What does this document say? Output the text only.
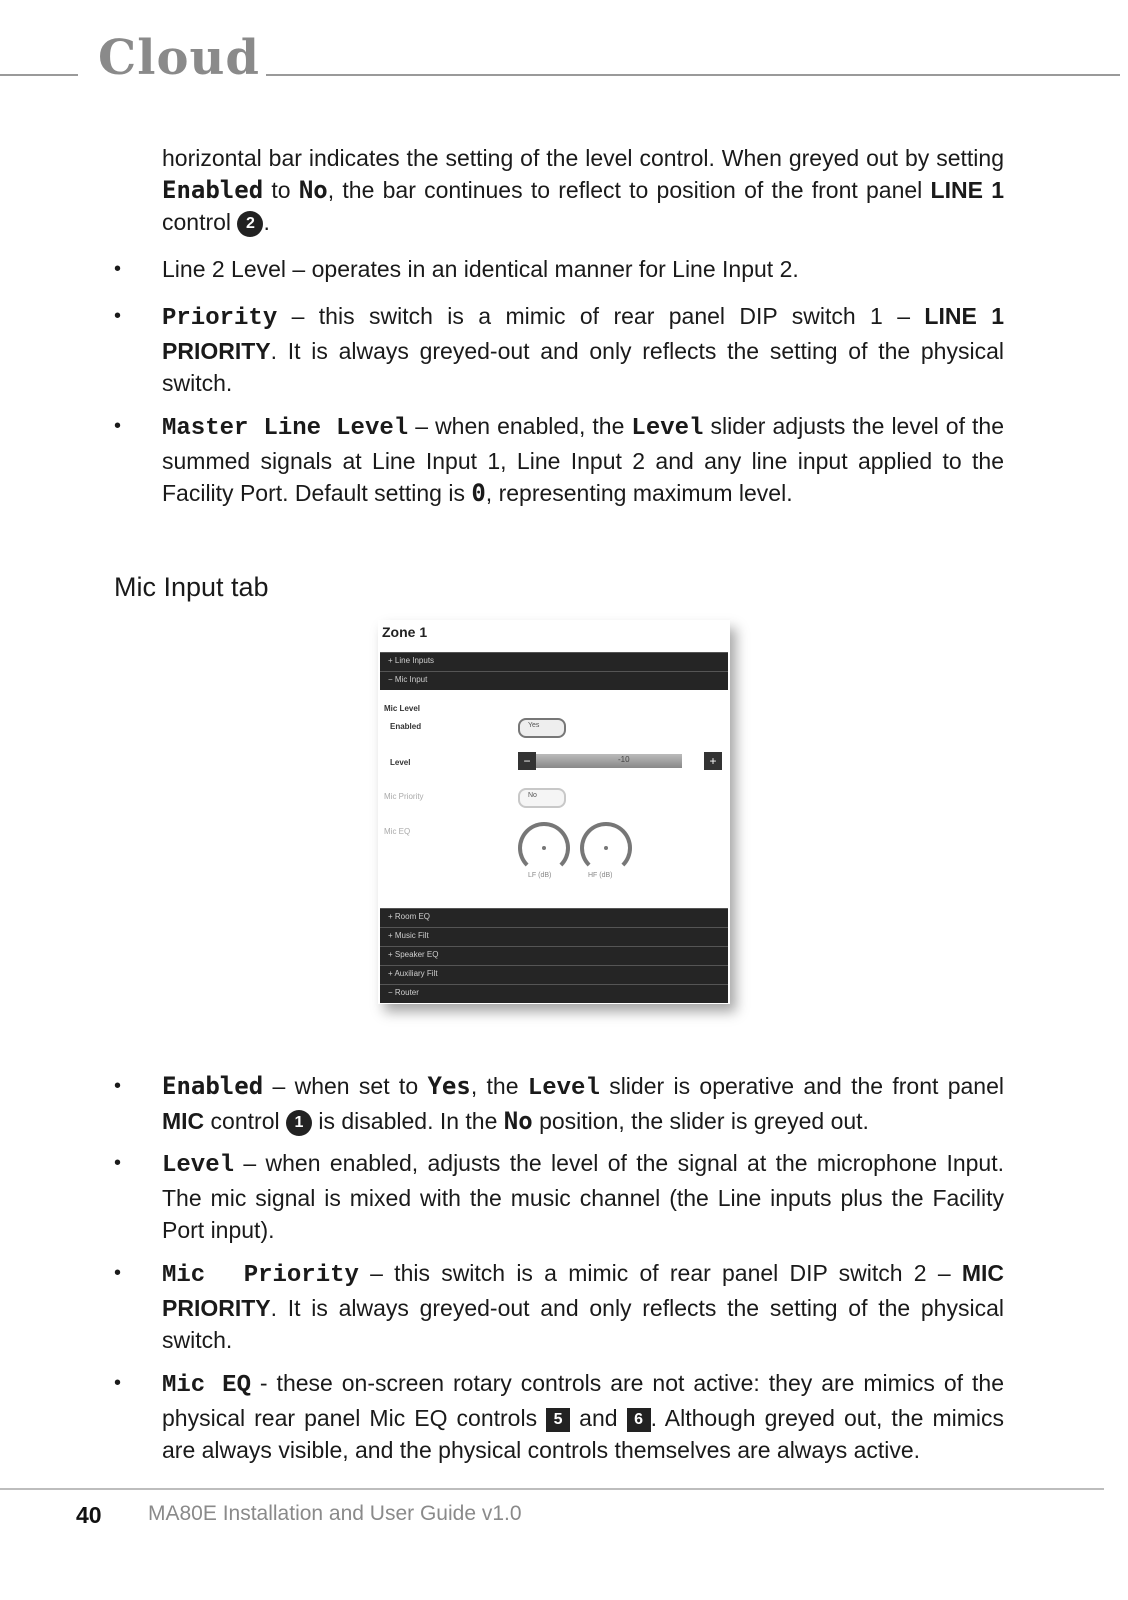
Cloud
horizontal bar indicates the setting of the level control. When greyed out by setting Enabled to No, the bar continues to reflect to position of the front panel LINE 1 control 2 .
• Line 2 Level – operates in an identical manner for Line Input 2.
• Priority – this switch is a mimic of rear panel DIP switch 1 – LINE 1 PRIORITY. It is always greyed-out and only reflects the setting of the physical switch.
• Master Line Level – when enabled, the Level slider adjusts the level of the summed signals at Line Input 1, Line Input 2 and any line input applied to the Facility Port. Default setting is 0, representing maximum level.
Mic Input tab
Zone 1
+ Line Inputs
− Mic Input
Mic Level
Enabled	Yes
Level	−	-10	+
Mic Priority	No
Mic EQ
LF (dB)	HF (dB)
+ Room EQ
+ Music Filt
+ Speaker EQ
+ Auxiliary Filt
− Router
• Enabled – when set to Yes, the Level slider is operative and the front panel MIC control 1 is disabled. In the No position, the slider is greyed out.
• Level – when enabled, adjusts the level of the signal at the microphone Input. The mic signal is mixed with the music channel (the Line inputs plus the Facility Port input).
• Mic  Priority – this switch is a mimic of rear panel DIP switch 2 – MIC PRIORITY. It is always greyed-out and only reflects the setting of the physical switch.
• Mic EQ - these on-screen rotary controls are not active: they are mimics of the physical rear panel Mic EQ controls 5 and 6 . Although greyed out, the mimics are always visible, and the physical controls themselves are always active.
40 MA80E Installation and User Guide v1.0
